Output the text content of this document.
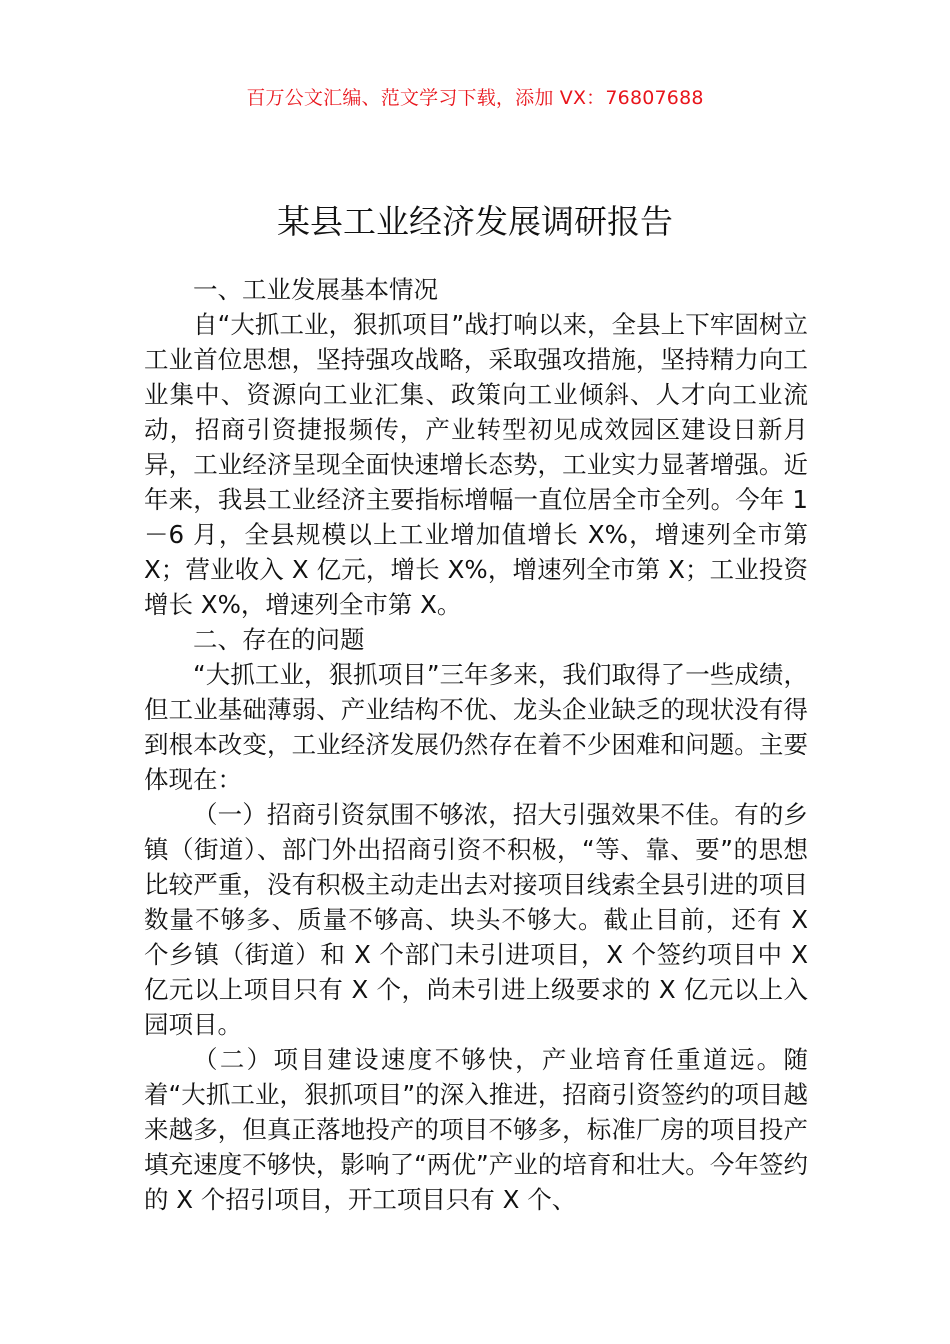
百万公文汇编、范文学习下载，添加 VX：76807688
某县工业经济发展调研报告

一、工业发展基本情况

自“大抓工业，狠抓项目”战打响以来，全县上下牢固树立工业首位思想，坚持强攻战略，采取强攻措施，坚持精力向工业集中、资源向工业汇集、政策向工业倾斜、人才向工业流动，招商引资捷报频传，产业转型初见成效园区建设日新月异，工业经济呈现全面快速增长态势，工业实力显著增强。近年来，我县工业经济主要指标增幅一直位居全市全列。今年 1－6 月，全县规模以上工业增加值增长 X%，增速列全市第 X；营业收入 X 亿元，增长 X%，增速列全市第 X；工业投资增长 X%，增速列全市第 X。

二、存在的问题

“大抓工业，狠抓项目”三年多来，我们取得了一些成绩，但工业基础薄弱、产业结构不优、龙头企业缺乏的现状没有得到根本改变，工业经济发展仍然存在着不少困难和问题。主要体现在：

（一）招商引资氛围不够浓，招大引强效果不佳。有的乡镇（街道）、部门外出招商引资不积极，“等、靠、要”的思想比较严重，没有积极主动走出去对接项目线索全县引进的项目数量不够多、质量不够高、块头不够大。截止目前，还有 X 个乡镇（街道）和 X 个部门未引进项目，X 个签约项目中 X 亿元以上项目只有 X 个，尚未引进上级要求的 X 亿元以上入园项目。

（二）项目建设速度不够快，产业培育任重道远。随着“大抓工业，狠抓项目”的深入推进，招商引资签约的项目越来越多，但真正落地投产的项目不够多，标准厂房的项目投产填充速度不够快，影响了“两优”产业的培育和壮大。今年签约的 X 个招引项目，开工项目只有 X 个、
